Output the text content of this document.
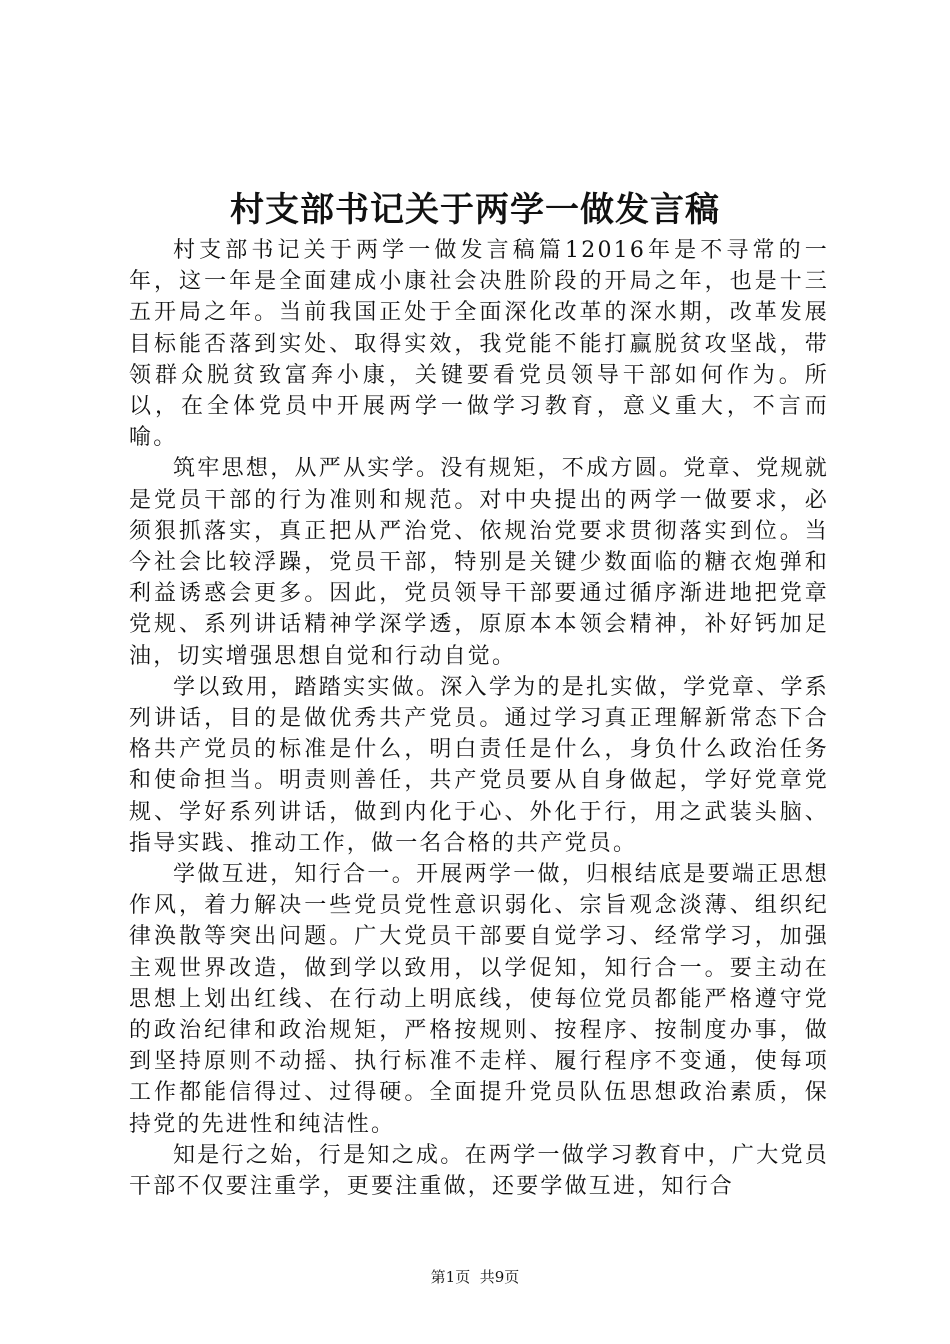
村支部书记关于两学一做发言稿

村支部书记关于两学一做发言稿篇12016年是不寻常的一年，这一年是全面建成小康社会决胜阶段的开局之年，也是十三五开局之年。当前我国正处于全面深化改革的深水期，改革发展目标能否落到实处、取得实效，我党能不能打赢脱贫攻坚战，带领群众脱贫致富奔小康，关键要看党员领导干部如何作为。所以，在全体党员中开展两学一做学习教育，意义重大，不言而喻。

筑牢思想，从严从实学。没有规矩，不成方圆。党章、党规就是党员干部的行为准则和规范。对中央提出的两学一做要求，必须狠抓落实，真正把从严治党、依规治党要求贯彻落实到位。当今社会比较浮躁，党员干部，特别是关键少数面临的糖衣炮弹和利益诱惑会更多。因此，党员领导干部要通过循序渐进地把党章党规、系列讲话精神学深学透，原原本本领会精神，补好钙加足油，切实增强思想自觉和行动自觉。

学以致用，踏踏实实做。深入学为的是扎实做，学党章、学系列讲话，目的是做优秀共产党员。通过学习真正理解新常态下合格共产党员的标准是什么，明白责任是什么，身负什么政治任务和使命担当。明责则善任，共产党员要从自身做起，学好党章党规、学好系列讲话，做到内化于心、外化于行，用之武装头脑、指导实践、推动工作，做一名合格的共产党员。

学做互进，知行合一。开展两学一做，归根结底是要端正思想作风，着力解决一些党员党性意识弱化、宗旨观念淡薄、组织纪律涣散等突出问题。广大党员干部要自觉学习、经常学习，加强主观世界改造，做到学以致用，以学促知，知行合一。要主动在思想上划出红线、在行动上明底线，使每位党员都能严格遵守党的政治纪律和政治规矩，严格按规则、按程序、按制度办事，做到坚持原则不动摇、执行标准不走样、履行程序不变通，使每项工作都能信得过、过得硬。全面提升党员队伍思想政治素质，保持党的先进性和纯洁性。

知是行之始，行是知之成。在两学一做学习教育中，广大党员干部不仅要注重学，更要注重做，还要学做互进，知行合

第1页 共9页
